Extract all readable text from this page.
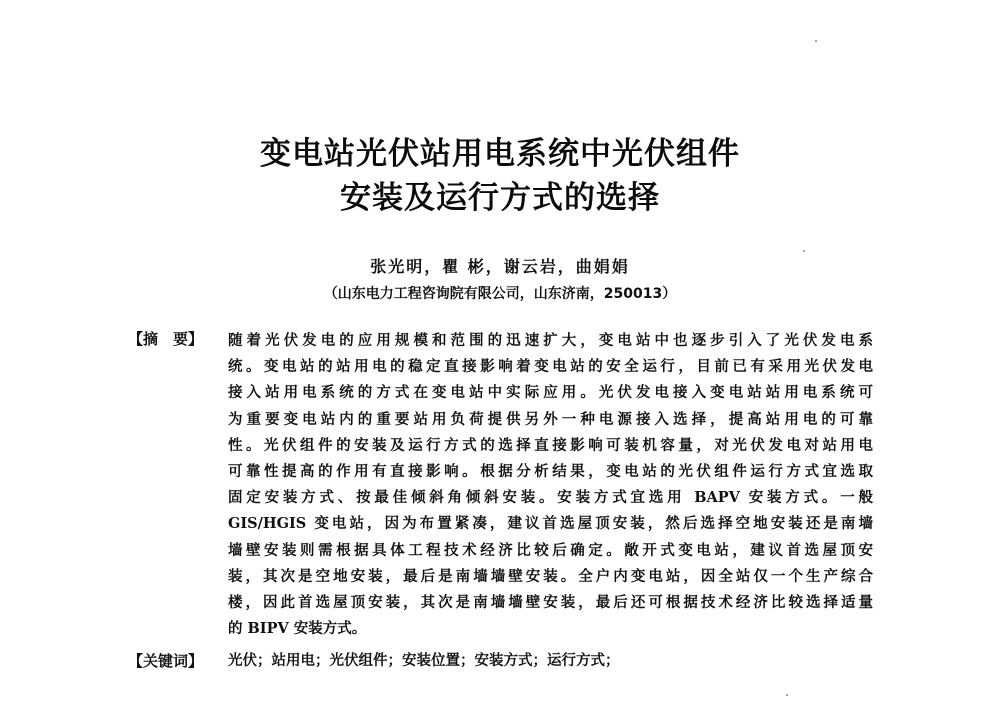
变电站光伏站用电系统中光伏组件
安装及运行方式的选择
张光明，瞿 彬，谢云岩，曲娟娟
（山东电力工程咨询院有限公司，山东济南，250013）
【摘　要】 随着光伏发电的应用规模和范围的迅速扩大，变电站中也逐步引入了光伏发电系
统。变电站的站用电的稳定直接影响着变电站的安全运行，目前已有采用光伏发电
接入站用电系统的方式在变电站中实际应用。光伏发电接入变电站站用电系统可
为重要变电站内的重要站用负荷提供另外一种电源接入选择，提高站用电的可靠
性。光伏组件的安装及运行方式的选择直接影响可装机容量，对光伏发电对站用电
可靠性提高的作用有直接影响。根据分析结果，变电站的光伏组件运行方式宜选取
固定安装方式、按最佳倾斜角倾斜安装。安装方式宜选用 BAPV 安装方式。一般
GIS/HGIS 变电站，因为布置紧凑，建议首选屋顶安装，然后选择空地安装还是南墙
墙壁安装则需根据具体工程技术经济比较后确定。敞开式变电站，建议首选屋顶安
装，其次是空地安装，最后是南墙墙壁安装。全户内变电站，因全站仅一个生产综合
楼，因此首选屋顶安装，其次是南墙墙壁安装，最后还可根据技术经济比较选择适量
的 BIPV 安装方式。
【关键词】 光伏；站用电；光伏组件；安装位置；安装方式；运行方式；
